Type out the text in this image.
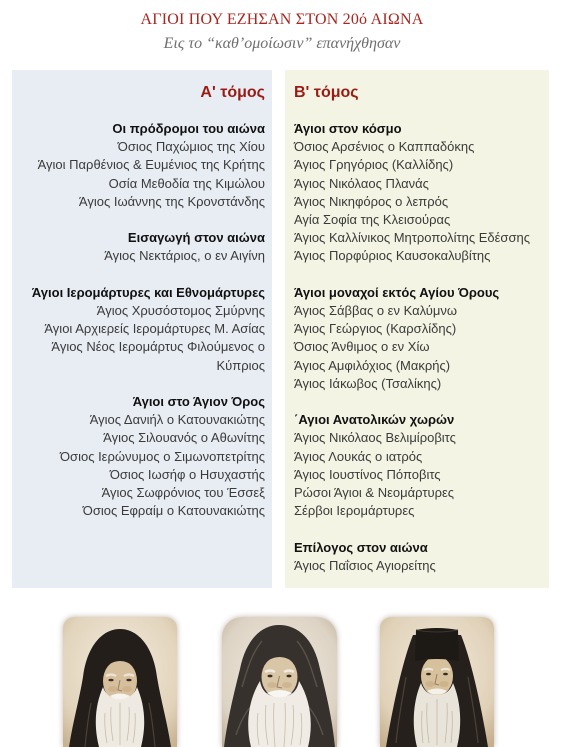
ΑΓΙΟΙ ΠΟΥ ΕΖΗΣΑΝ ΣΤΟΝ 20ό ΑΙΩΝΑ
Εις το “καθ’ομοίωσιν” επανήχθησαν
Α' τόμος
Οι πρόδρομοι του αιώνα
Όσιος Παχώμιος της Χίου
Άγιοι Παρθένιος & Ευμένιος της Κρήτης
Οσία Μεθοδία της Κιμώλου
Άγιος Ιωάννης της Κρονστάνδης
Εισαγωγή στον αιώνα
Άγιος Νεκτάριος, ο εν Αιγίνη
Άγιοι Ιερομάρτυρες και Εθνομάρτυρες
Άγιος Χρυσόστομος Σμύρνης
Άγιοι Αρχιερείς Ιερομάρτυρες Μ. Ασίας
Άγιος Νέος Ιερομάρτυς Φιλούμενος ο Κύπριος
Άγιοι στο Άγιον Όρος
Άγιος Δανιήλ ο Κατουνακιώτης
Άγιος Σιλουανός ο Αθωνίτης
Όσιος Ιερώνυμος ο Σιμωνοπετρίτης
Όσιος Ιωσήφ ο Ησυχαστής
Άγιος Σωφρόνιος του Έσσεξ
Όσιος Εφραίμ ο Κατουνακιώτης
Β' τόμος
Άγιοι στον κόσμο
Όσιος Αρσένιος ο Καππαδόκης
Άγιος Γρηγόριος (Καλλίδης)
Άγιος Νικόλαος Πλανάς
Άγιος Νικηφόρος ο λεπρός
Αγία Σοφία της Κλεισούρας
Άγιος Καλλίνικος Μητροπολίτης Εδέσσης
Άγιος Πορφύριος Καυσοκαλυβίτης
Άγιοι μοναχοί εκτός Αγίου Όρους
Άγιος Σάββας ο εν Καλύμνω
Άγιος Γεώργιος (Καρσλίδης)
Όσιος Άνθιμος ο εν Χίω
Άγιος Αμφιλόχιος (Μακρής)
Άγιος Ιάκωβος (Τσαλίκης)
΄Αγιοι Ανατολικών χωρών
Άγιος Νικόλαος Βελιμίροβιτς
Άγιος Λουκάς ο ιατρός
Άγιος Ιουστίνος Πόποβιτς
Ρώσοι Άγιοι & Νεομάρτυρες
Σέρβοι Ιερομάρτυρες
Επίλογος στον αιώνα
Άγιος Παΐσιος Αγιορείτης
